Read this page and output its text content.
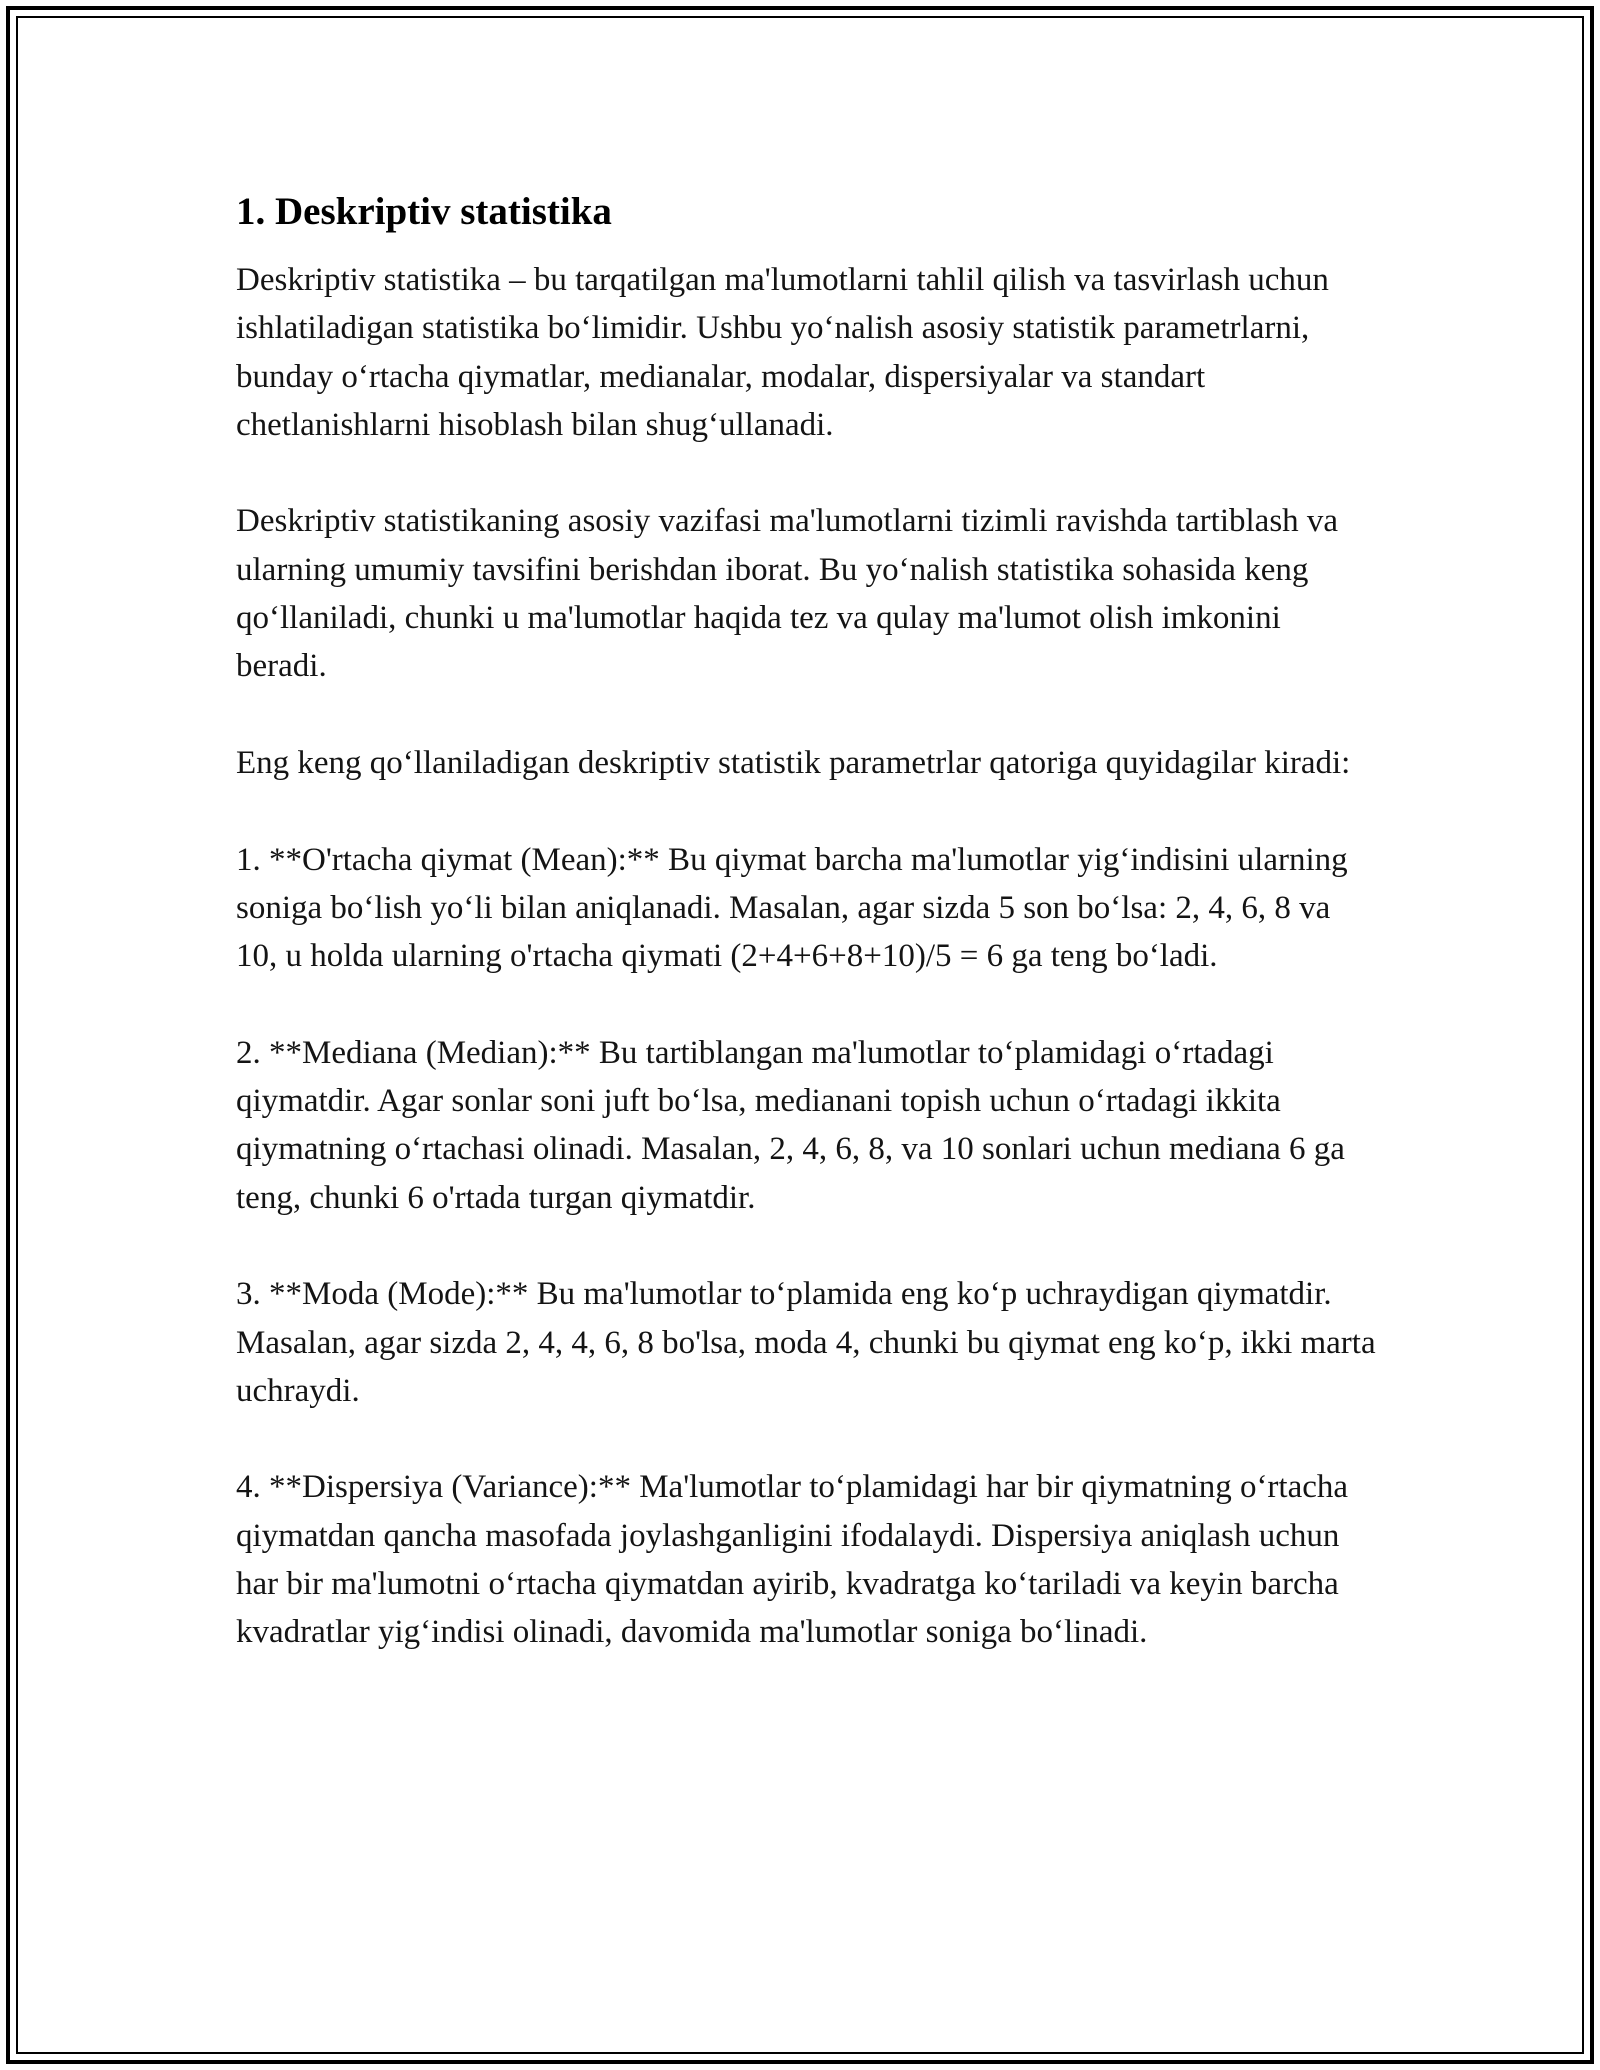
1. Deskriptiv statistika

Deskriptiv statistika – bu tarqatilgan ma'lumotlarni tahlil qilish va tasvirlash uchun ishlatiladigan statistika bo‘limidir. Ushbu yo‘nalish asosiy statistik parametrlarni, bunday o‘rtacha qiymatlar, medianalar, modalar, dispersiyalar va standart chetlanishlarni hisoblash bilan shug‘ullanadi.

Deskriptiv statistikaning asosiy vazifasi ma'lumotlarni tizimli ravishda tartiblash va ularning umumiy tavsifini berishdan iborat. Bu yo‘nalish statistika sohasida keng qo‘llaniladi, chunki u ma'lumotlar haqida tez va qulay ma'lumot olish imkonini beradi.

Eng keng qo‘llaniladigan deskriptiv statistik parametrlar qatoriga quyidagilar kiradi:

1. **O'rtacha qiymat (Mean):** Bu qiymat barcha ma'lumotlar yig‘indisini ularning soniga bo‘lish yo‘li bilan aniqlanadi. Masalan, agar sizda 5 son bo‘lsa: 2, 4, 6, 8 va 10, u holda ularning o'rtacha qiymati (2+4+6+8+10)/5 = 6 ga teng bo‘ladi.

2. **Mediana (Median):** Bu tartiblangan ma'lumotlar to‘plamidagi o‘rtadagi qiymatdir. Agar sonlar soni juft bo‘lsa, medianani topish uchun o‘rtadagi ikkita qiymatning o‘rtachasi olinadi. Masalan, 2, 4, 6, 8, va 10 sonlari uchun mediana 6 ga teng, chunki 6 o'rtada turgan qiymatdir.

3. **Moda (Mode):** Bu ma'lumotlar to‘plamida eng ko‘p uchraydigan qiymatdir. Masalan, agar sizda 2, 4, 4, 6, 8 bo'lsa, moda 4, chunki bu qiymat eng ko‘p, ikki marta uchraydi.

4. **Dispersiya (Variance):** Ma'lumotlar to‘plamidagi har bir qiymatning o‘rtacha qiymatdan qancha masofada joylashganligini ifodalaydi. Dispersiya aniqlash uchun har bir ma'lumotni o‘rtacha qiymatdan ayirib, kvadratga ko‘tariladi va keyin barcha kvadratlar yig‘indisi olinadi, davomida ma'lumotlar soniga bo‘linadi.
